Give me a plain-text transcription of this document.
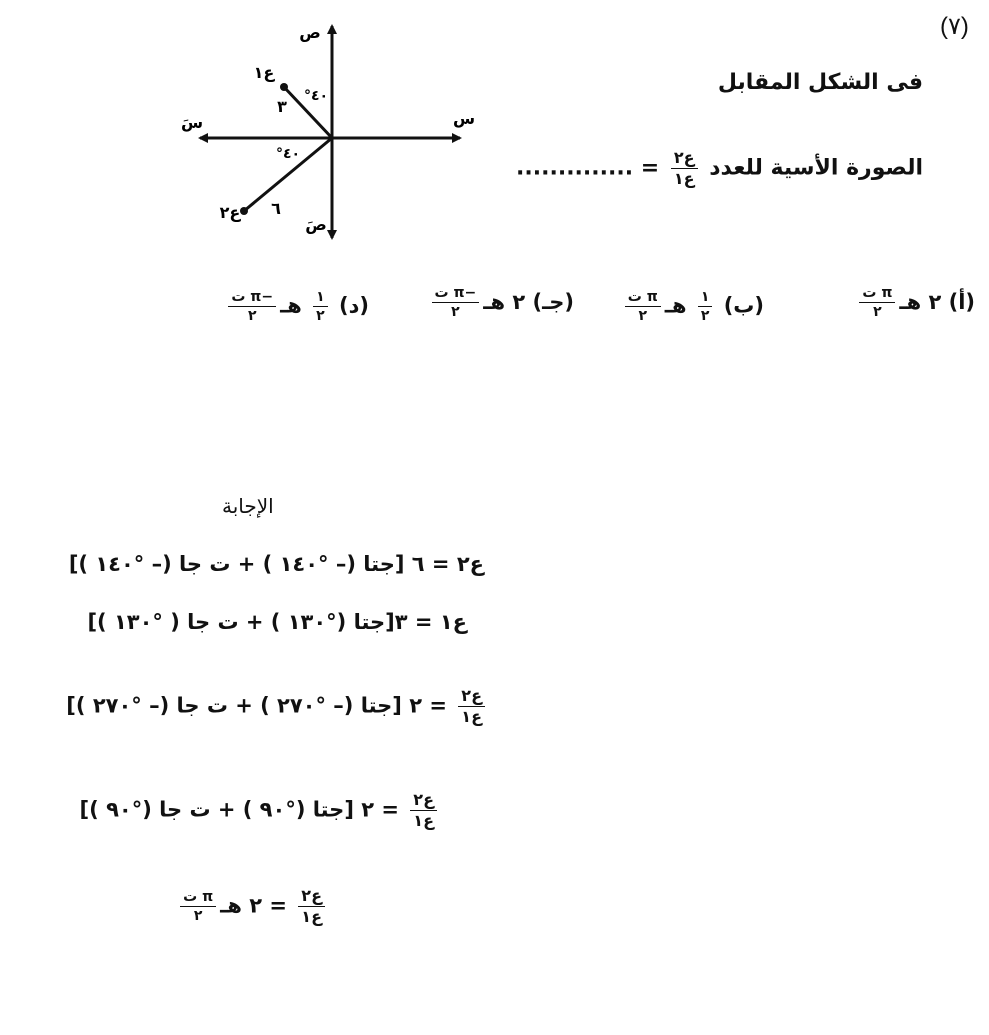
(٧)
فى الشكل المقابل
الصورة الأسية للعدد
$\frac{\text{ع٢}}{\text{ع١}}$
= ..............
ص
صَ
س
سَ
ع١
ع٢
٣
٦
°٤٠
°٤٠
(أ) ٢ هـ
$\frac{\text{π ت}}{٢}$
(ب)
$\frac{١}{٢}$
هـ
$\frac{\text{π ت}}{٢}$
(جـ) ٢ هـ
$\frac{\text{−π ت}}{٢}$
(د)
$\frac{١}{٢}$
هـ
$\frac{\text{−π ت}}{٢}$
الإجابة
ع٢ = ٦ [جتا (– °١٤٠ ) + ت جا (– °١٤٠ )]
ع١ = ٣[جتا (°١٣٠ ) + ت جا ( °١٣٠ )]
$\frac{\text{ع٢}}{\text{ع١}}$
= ٢ [جتا (– °٢٧٠ ) + ت جا (– °٢٧٠ )]
$\frac{\text{ع٢}}{\text{ع١}}$
= ٢ [جتا (°٩٠ ) + ت جا (°٩٠ )]
$\frac{\text{ع٢}}{\text{ع١}}$
= ٢ هـ
$\frac{\text{π ت}}{٢}$
